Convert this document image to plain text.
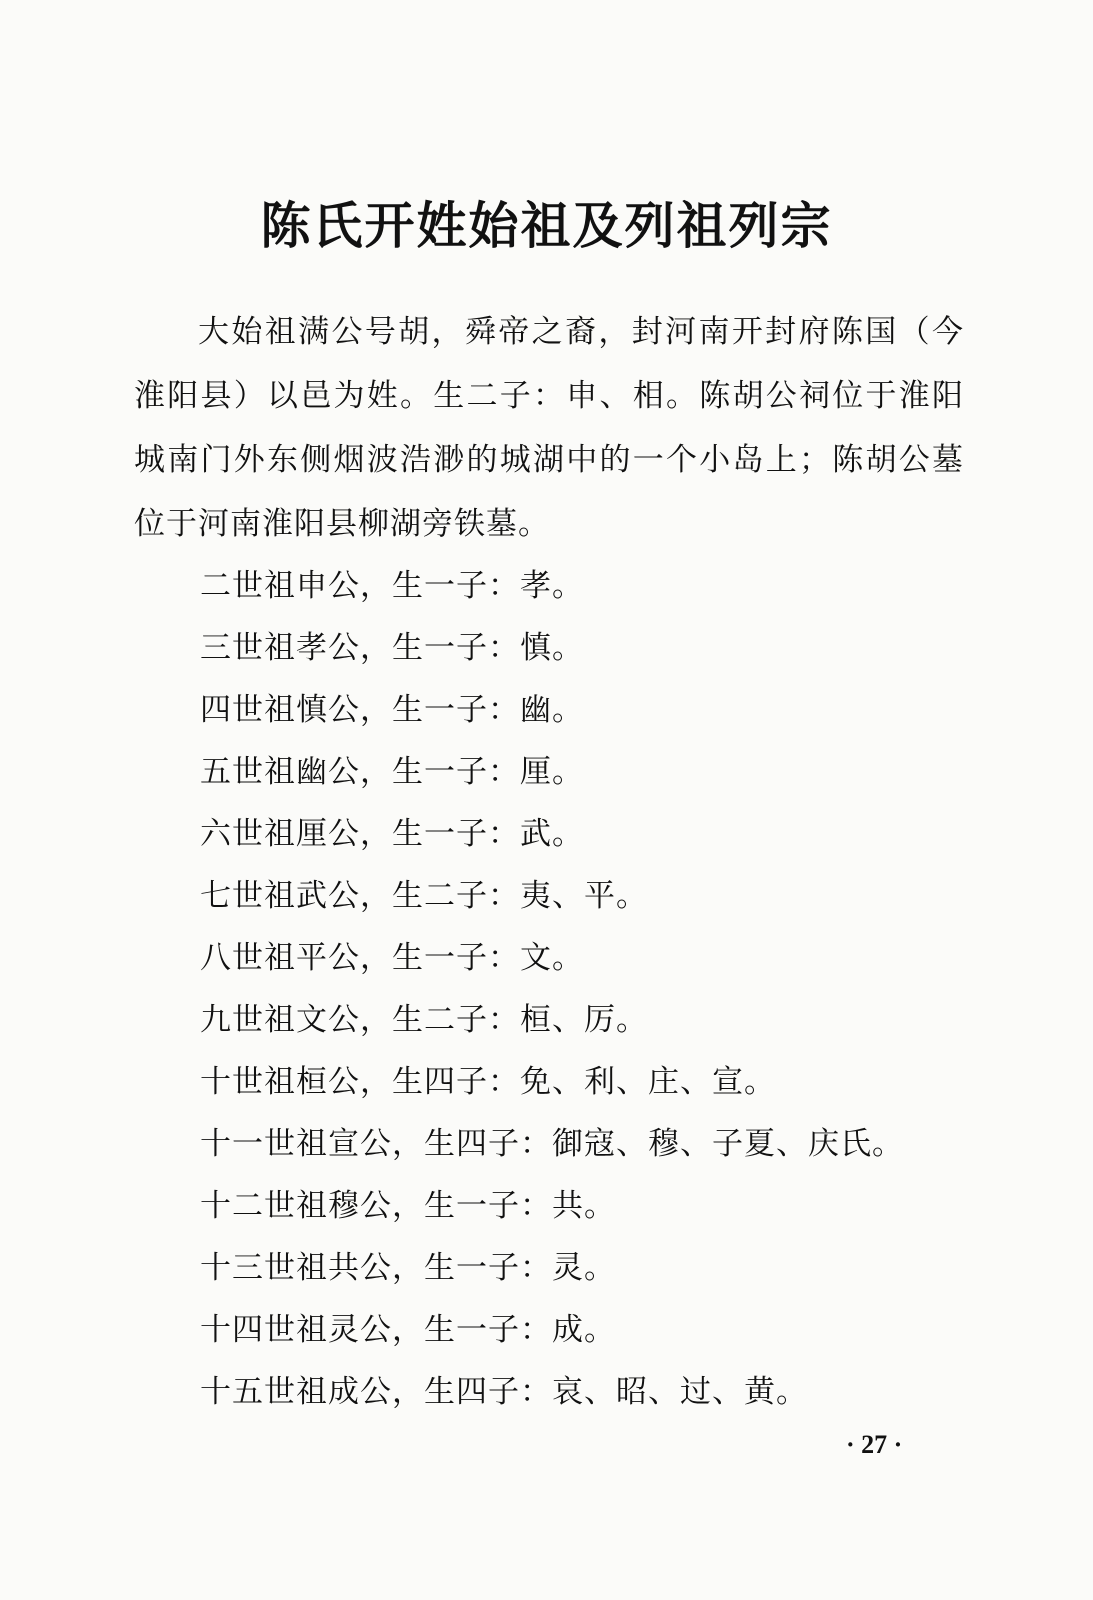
陈氏开姓始祖及列祖列宗

大始祖满公号胡，舜帝之裔，封河南开封府陈国（今淮阳县）以邑为姓。生二子：申、相。陈胡公祠位于淮阳城南门外东侧烟波浩渺的城湖中的一个小岛上；陈胡公墓位于河南淮阳县柳湖旁铁墓。

二世祖申公，生一子：孝。
三世祖孝公，生一子：慎。
四世祖慎公，生一子：幽。
五世祖幽公，生一子：厘。
六世祖厘公，生一子：武。
七世祖武公，生二子：夷、平。
八世祖平公，生一子：文。
九世祖文公，生二子：桓、厉。
十世祖桓公，生四子：免、利、庄、宣。
十一世祖宣公，生四子：御寇、穆、子夏、庆氏。
十二世祖穆公，生一子：共。
十三世祖共公，生一子：灵。
十四世祖灵公，生一子：成。
十五世祖成公，生四子：哀、昭、过、黄。
· 27 ·
